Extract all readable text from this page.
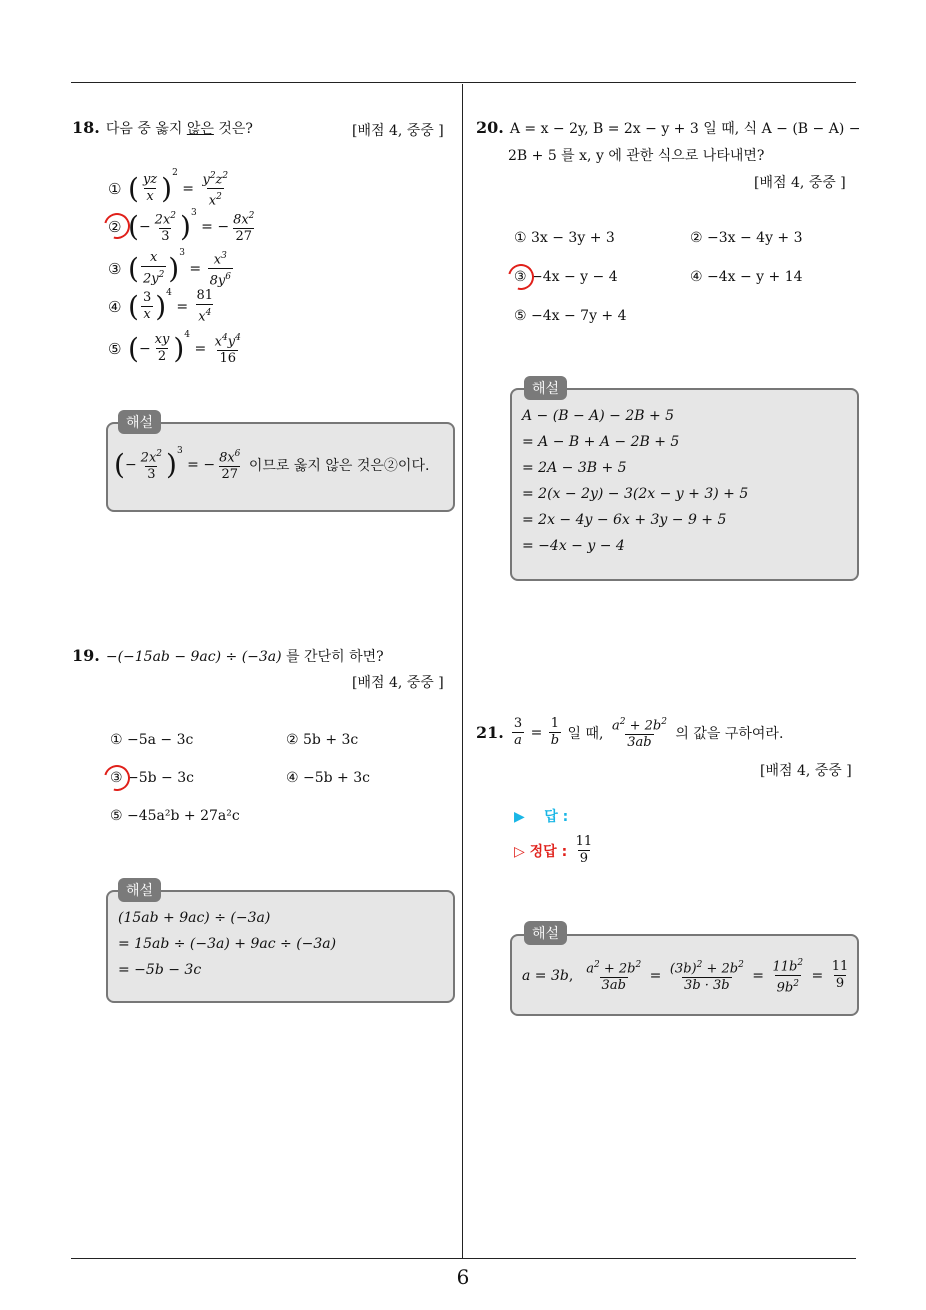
18. 다음 중 옳지 않은 것은?	[배점 4, 중중 ]
① ( $\frac{yz}{x} )^2$
= $\frac{y^2z^2}{x^2}$
② ( − $\frac{2x^2}{3} )^3$
= − $\frac{8x^2}{27}$
③ ( $\frac{x}{2y^2} )^3$
= $\frac{x^3}{8y^6}$
④ ( $\frac{3}{x} )^4$
= $\frac{81}{x^4}$
⑤ ( − $\frac{xy}{2} )^4$
= $\frac{x^4y^4}{16}$
해설
( − $\frac{2x^2}{3} )^3$
= − $\frac{8x^6}{27}$
이므로 옳지 않은 것은②이다.
19. −(−15ab − 9ac) ÷ (−3a) 를 간단히 하면?
[배점 4, 중중 ]
① −5a − 3c	② 5b + 3c
③ −5b − 3c	④ −5b + 3c
⑤ −45a²b + 27a²c
해설
(15ab + 9ac) ÷ (−3a)
= 15ab ÷ (−3a) + 9ac ÷ (−3a)
= −5b − 3c
20. A = x − 2y, B = 2x − y + 3 일 때, 식 A − (B − A) −
2B + 5 를 x, y 에 관한 식으로 나타내면?
[배점 4, 중중 ]
① 3x − 3y + 3	② −3x − 4y + 3
③ −4x − y − 4	④ −4x − y + 14
⑤ −4x − 7y + 4
해설
A − (B − A) − 2B + 5
= A − B + A − 2B + 5
= 2A − 3B + 5
= 2(x − 2y) − 3(2x − y + 3) + 5
= 2x − 4y − 6x + 3y − 9 + 5
= −4x − y − 4
21. $\frac{3}{a} = \frac{1}{b}$
일 때,
$\frac{a^2 + 2b^2}{3ab}$
의 값을 구하여라.
[배점 4, 중중 ]
▶ 답 :
▷ 정답 :
$\frac{11}{9}$
해설
a = 3b , $\frac{a^2 + 2b^2}{3ab} = \frac{(3b)^2 + 2b^2}{3b \cdot 3b} = \frac{11b^2}{9b^2} = \frac{11}{9}$
6
